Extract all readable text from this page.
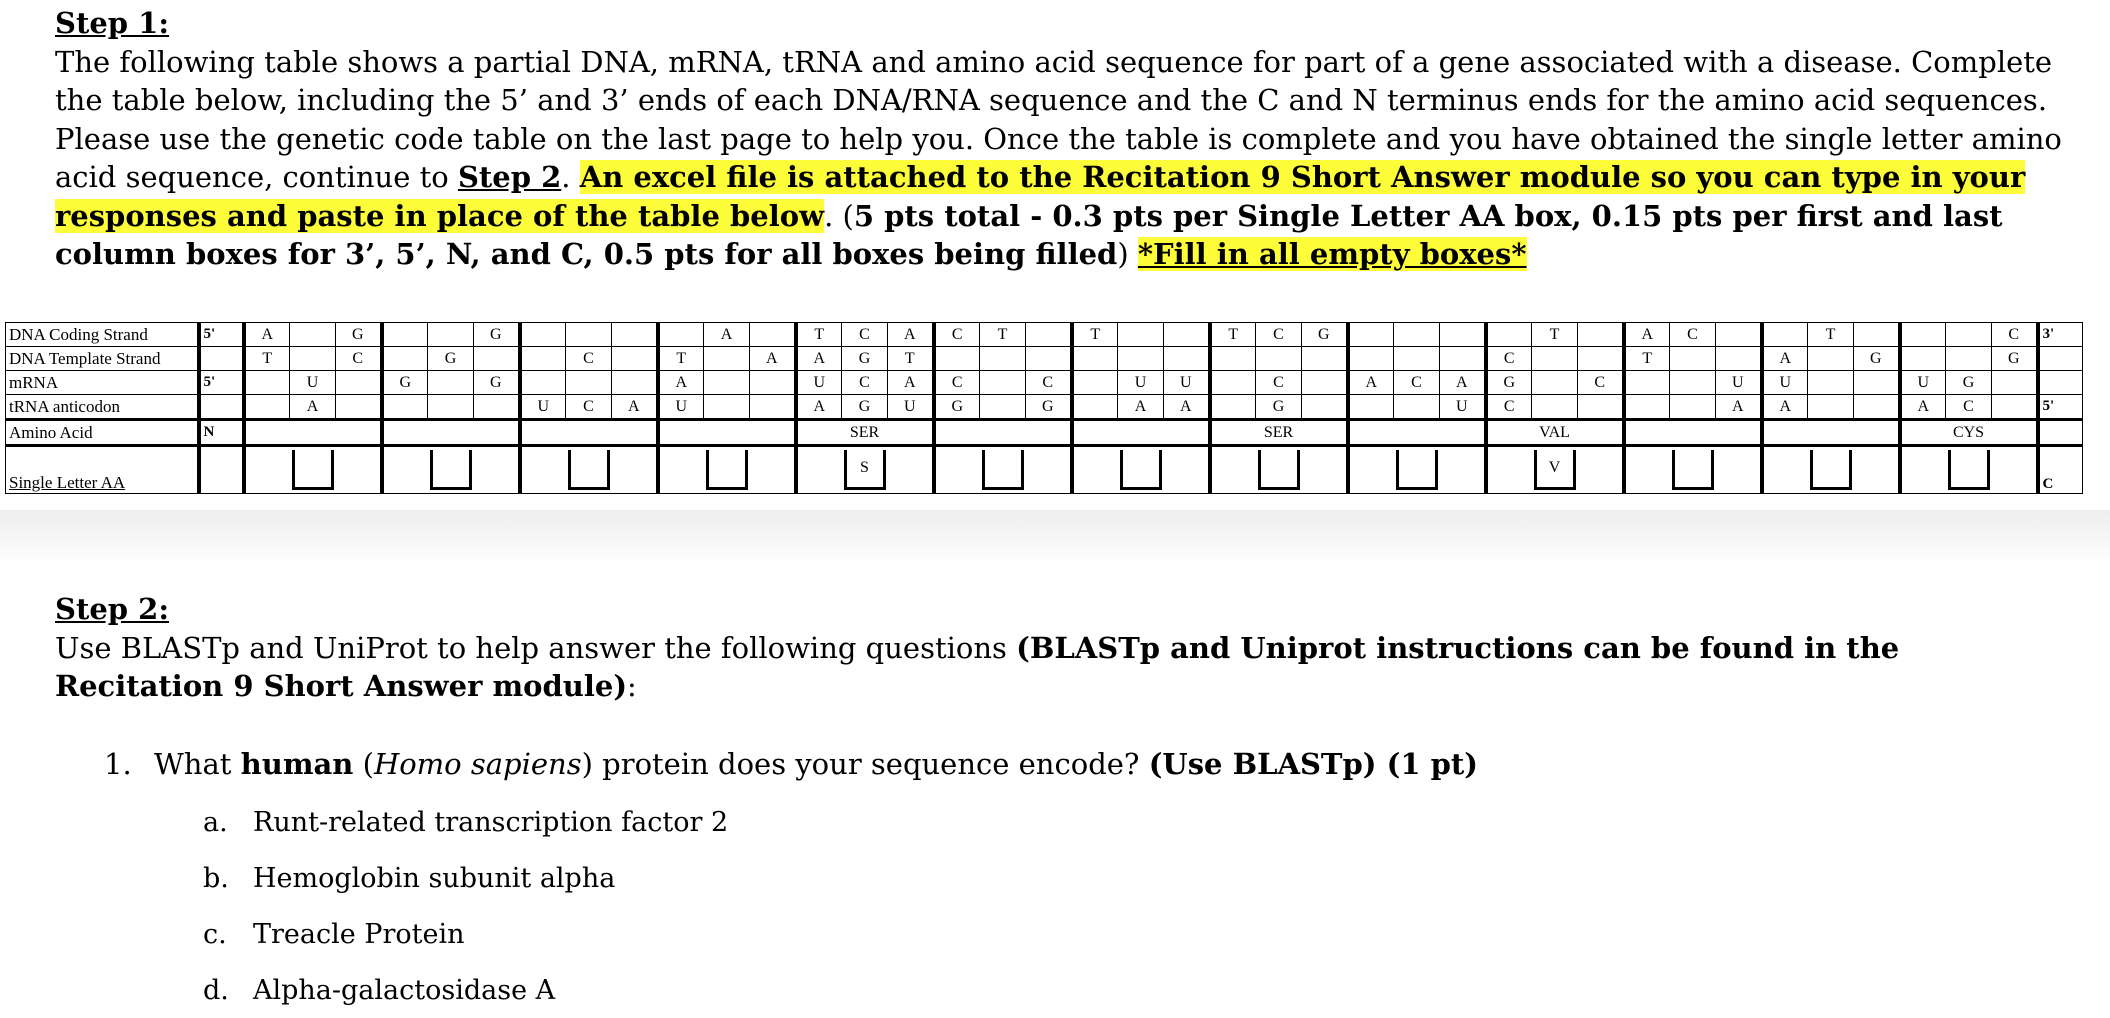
Step 1:
The following table shows a partial DNA, mRNA, tRNA and amino acid sequence for part of a gene associated with a disease. Complete the table below, including the 5’ and 3’ ends of each DNA/RNA sequence and the C and N terminus ends for the amino acid sequences. Please use the genetic code table on the last page to help you. Once the table is complete and you have obtained the single letter amino acid sequence, continue to Step 2. An excel file is attached to the Recitation 9 Short Answer module so you can type in your responses and paste in place of the table below. (5 pts total - 0.3 pts per Single Letter AA box, 0.15 pts per first and last column boxes for 3’, 5’, N, and C, 0.5 pts for all boxes being filled) *Fill in all empty boxes*
DNA Coding Strand	5'	A		G			G					A		T	C	A	C	T		T			T	C	G					T		A	C			T				C	3'
DNA Template Strand		T		C		G			C		T		A	A	G	T													C			T			A		G			G	
mRNA	5'		U		G		G				A			U	C	A	C		C		U	U		C		A	C	A	G		C			U	U			U	G		
tRNA anticodon			A					U	C	A	U			A	G	U	G		G		A	A		G				U	C					A	A			A	C		5'
Amino Acid	N													SER									SER						VAL									CYS			
Single Letter AA														S															V												C
Step 2:
Use BLASTp and UniProt to help answer the following questions (BLASTp and Uniprot instructions can be found in the Recitation 9 Short Answer module):
1. What human (Homo sapiens) protein does your sequence encode? (Use BLASTp) (1 pt)
a. Runt-related transcription factor 2
b. Hemoglobin subunit alpha
c. Treacle Protein
d. Alpha-galactosidase A
